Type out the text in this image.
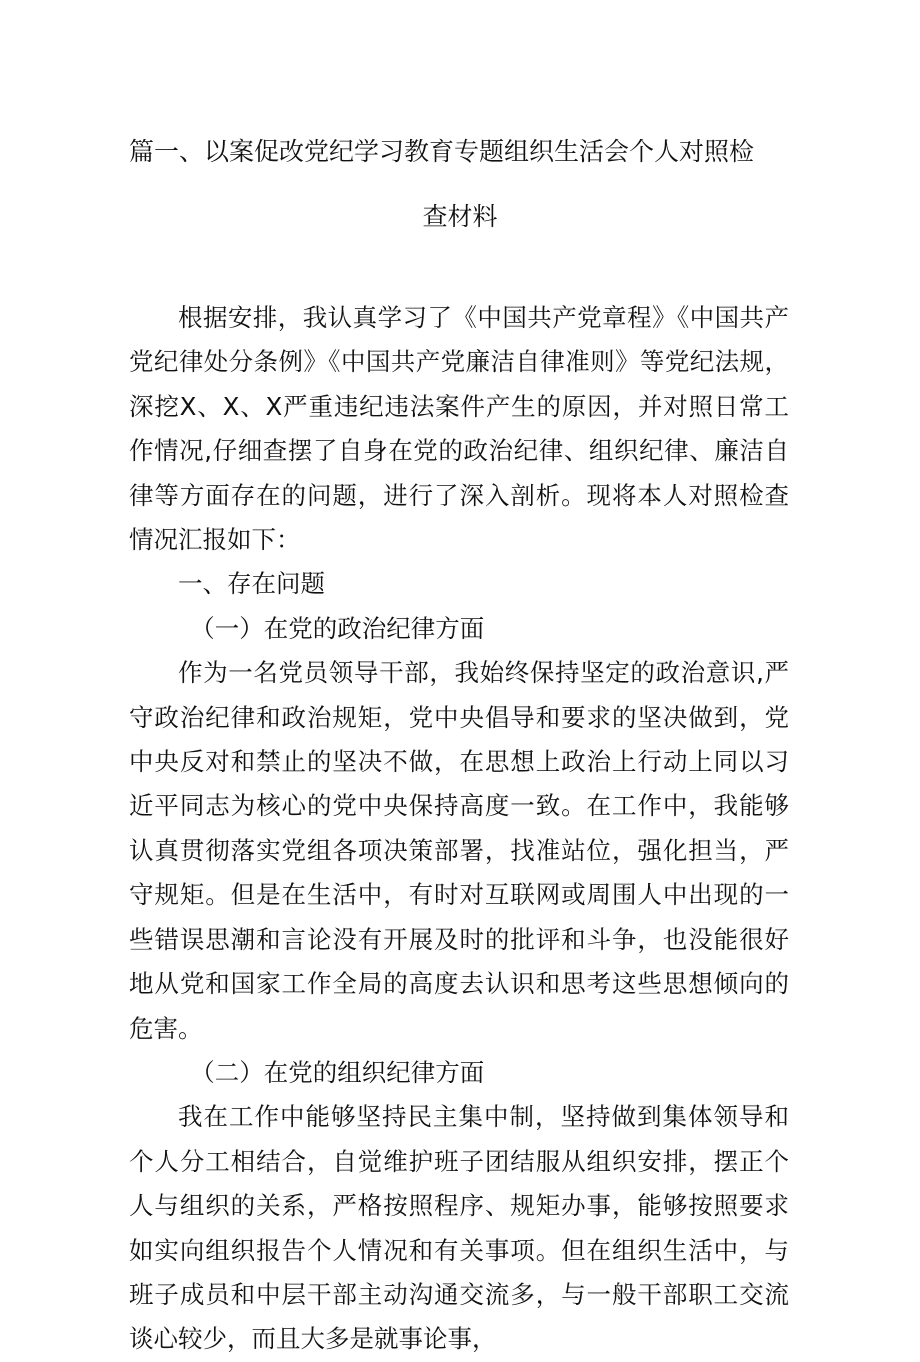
篇一、以案促改党纪学习教育专题组织生活会个人对照检
查材料

根据安排，我认真学习了《中国共产党章程》《中国共产党纪律处分条例》《中国共产党廉洁自律准则》等党纪法规，深挖X、X、X严重违纪违法案件产生的原因，并对照日常工作情况,仔细查摆了自身在党的政治纪律、组织纪律、廉洁自律等方面存在的问题，进行了深入剖析。现将本人对照检查情况汇报如下：

一、存在问题

（一）在党的政治纪律方面

作为一名党员领导干部，我始终保持坚定的政治意识,严守政治纪律和政治规矩，党中央倡导和要求的坚决做到，党中央反对和禁止的坚决不做，在思想上政治上行动上同以习近平同志为核心的党中央保持高度一致。在工作中，我能够认真贯彻落实党组各项决策部署，找准站位，强化担当，严守规矩。但是在生活中，有时对互联网或周围人中出现的一些错误思潮和言论没有开展及时的批评和斗争，也没能很好地从党和国家工作全局的高度去认识和思考这些思想倾向的危害。

（二）在党的组织纪律方面

我在工作中能够坚持民主集中制，坚持做到集体领导和个人分工相结合，自觉维护班子团结服从组织安排，摆正个人与组织的关系，严格按照程序、规矩办事，能够按照要求如实向组织报告个人情况和有关事项。但在组织生活中，与班子成员和中层干部主动沟通交流多，与一般干部职工交流谈心较少，而且大多是就事论事，
